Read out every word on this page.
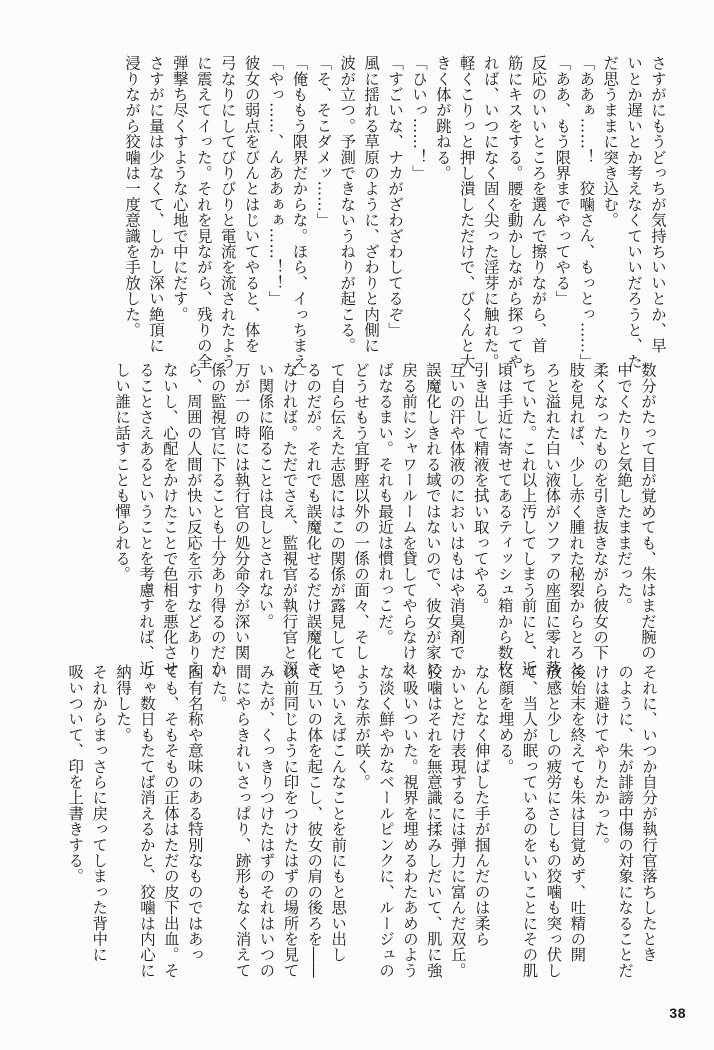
さすがにもうどっちが気持ちいいとか、早
いとか遅いとか考えなくていいだろうと、た
だ思うままに突き込む。
「ああぁ……！　狡噛さん、もっとっ……」
「ああ、もう限界までやってやる」
反応のいいところを選んで擦りながら、首
筋にキスをする。腰を動かしながら探ってや
れば、いつになく固く尖った淫芽に触れた。
軽くこりっと押し潰しただけで、びくんと大
きく体が跳ねる。
「ひいっ……！」
「すごいな、ナカがざわざわしてるぞ」
風に揺れる草原のように、ざわりと内側に
波が立つ。予測できないうねりが起こる。
「そ、そこダメッ……」
「俺ももう限界だからな。ほら、イっちまえ」
「やっ……、んああぁぁ……！！」
彼女の弱点をびんとはじいてやると、体を
弓なりにしてびりびりと電流を流されたよう
に震えてイった。それを見ながら、残りの全
弾撃ち尽くすような心地で中にだす。
さすがに量は少なくて、しかし深い絶頂に
浸りながら狡噛は一度意識を手放した。
数分がたって目が覚めても、朱はまだ腕の
中でくたりと気絶したままだった。
柔くなったものを引き抜きながら彼女の下
肢を見れば、少し赤く腫れた秘裂からとろと
ろと溢れた白い液体がソファの座面に零れ落
ちていた。これ以上汚してしまう前にと、近
頃は手近に寄せてあるティッシュ箱から数枚
引き出して精液を拭い取ってやる。
互いの汗や体液のにおいはもはや消臭剤で
誤魔化しきれる域ではないので、彼女が家に
戻る前にシャワールームを貸してやらなけれ
ばなるまい。それも最近は慣れっこだ。
どうせもう宜野座以外の一係の面々、そし
て自ら伝えた志恩にはこの関係が露見してい
るのだが。それでも誤魔化せるだけ誤魔化さ
なければ。ただでさえ、監視官が執行官と深
い関係に陥ることは良しとされない。
万が一の時には執行官の処分命令が深い関
係の監視官に下ることも十分あり得るのだか
ら、周囲の人間が快い反応を示すなどありえ
ないし、心配をかけたことで色相を悪化させ
ることさえあるということを考慮すれば、近
しい誰に話すことも憚られる。
それに、いつか自分が執行官落ちしたとき
のように、朱が誹謗中傷の対象になることだ
けは避けてやりたかった。
後始末を終えても朱は目覚めず、吐精の開
放感と少しの疲労にさしもの狡噛も突っ伏し
て、当人が眠っているのをいいことにその肌
に顔を埋める。
なんとなく伸ばした手が掴んだのは柔ら
かいとだけ表現するには弾力に富んだ双丘。
狡噛はそれを無意識に揉みしだいて、肌に強
く吸いついた。視界を埋めるわたあめのよう
な淡く鮮やかなベールピンクに、ルージュの
ような赤が咲く。
そういえばこんなことを前にもと思い出し
て互いの体を起こし、彼女の肩の後ろを――
以前同じように印をつけたはずの場所を見て
みたが、くっきりつけたはずのそれはいつの
間にやらきれいさっぱり、跡形もなく消えて
いた。
固有名称や意味のある特別なものではあっ
ても、そもそもの正体はただの皮下出血。そ
りゃ数日もたてば消えるかと、狡噛は内心に
納得した。
それからまっさらに戻ってしまった背中に
吸いついて、印を上書きする。
38
